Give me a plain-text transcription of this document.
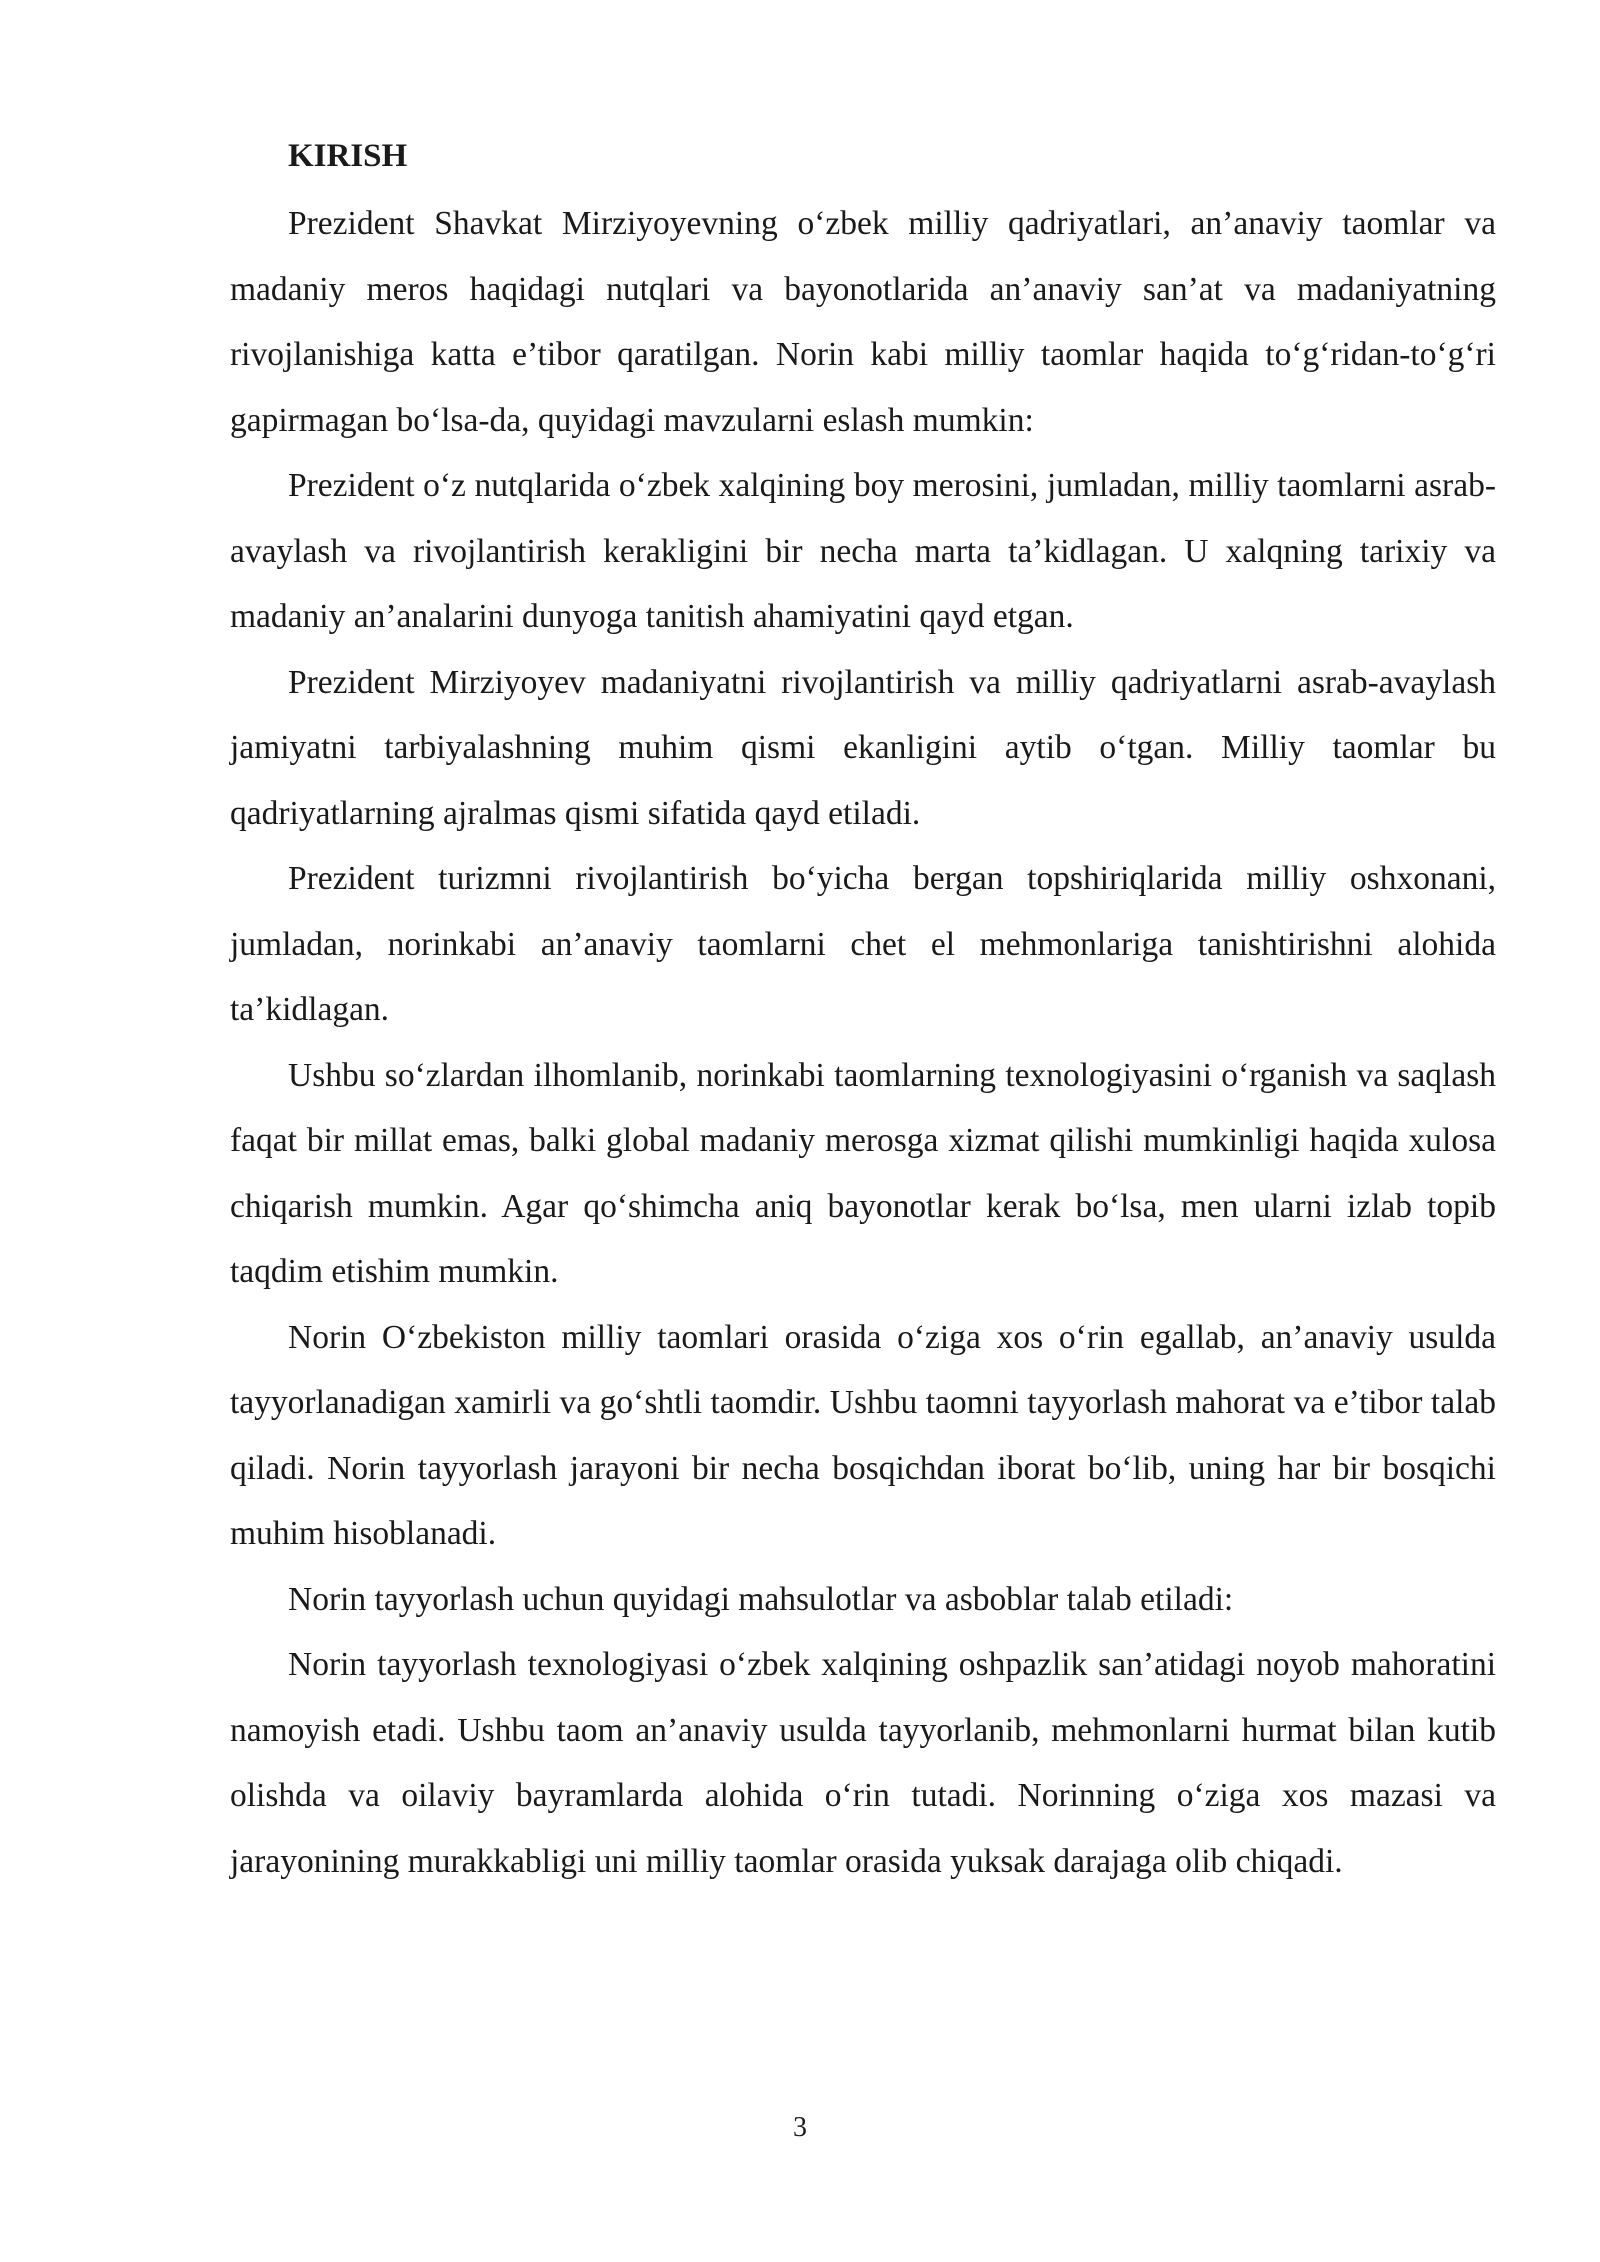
KIRISH

Prezident Shavkat Mirziyoyevning o‘zbek milliy qadriyatlari, an’anaviy taomlar va madaniy meros haqidagi nutqlari va bayonotlarida an’anaviy san’at va madaniyatning rivojlanishiga katta e’tibor qaratilgan. Norin kabi milliy taomlar haqida to‘g‘ridan-to‘g‘ri gapirmagan bo‘lsa-da, quyidagi mavzularni eslash mumkin:

Prezident o‘z nutqlarida o‘zbek xalqining boy merosini, jumladan, milliy taomlarni asrab-avaylash va rivojlantirish kerakligini bir necha marta ta’kidlagan. U xalqning tarixiy va madaniy an’analarini dunyoga tanitish ahamiyatini qayd etgan.

Prezident Mirziyoyev madaniyatni rivojlantirish va milliy qadriyatlarni asrab-avaylash jamiyatni tarbiyalashning muhim qismi ekanligini aytib o‘tgan. Milliy taomlar bu qadriyatlarning ajralmas qismi sifatida qayd etiladi.

Prezident turizmni rivojlantirish bo‘yicha bergan topshiriqlarida milliy oshxonani, jumladan, norinkabi an’anaviy taomlarni chet el mehmonlariga tanishtirishni alohida ta’kidlagan.

Ushbu so‘zlardan ilhomlanib, norinkabi taomlarning texnologiyasini o‘rganish va saqlash faqat bir millat emas, balki global madaniy merosga xizmat qilishi mumkinligi haqida xulosa chiqarish mumkin. Agar qo‘shimcha aniq bayonotlar kerak bo‘lsa, men ularni izlab topib taqdim etishim mumkin.

Norin O‘zbekiston milliy taomlari orasida o‘ziga xos o‘rin egallab, an’anaviy usulda tayyorlanadigan xamirli va go‘shtli taomdir. Ushbu taomni tayyorlash mahorat va e’tibor talab qiladi. Norin tayyorlash jarayoni bir necha bosqichdan iborat bo‘lib, uning har bir bosqichi muhim hisoblanadi.

Norin tayyorlash uchun quyidagi mahsulotlar va asboblar talab etiladi:

Norin tayyorlash texnologiyasi o‘zbek xalqining oshpazlik san’atidagi noyob mahoratini namoyish etadi. Ushbu taom an’anaviy usulda tayyorlanib, mehmonlarni hurmat bilan kutib olishda va oilaviy bayramlarda alohida o‘rin tutadi. Norinning o‘ziga xos mazasi va jarayonining murakkabligi uni milliy taomlar orasida yuksak darajaga olib chiqadi.

3
